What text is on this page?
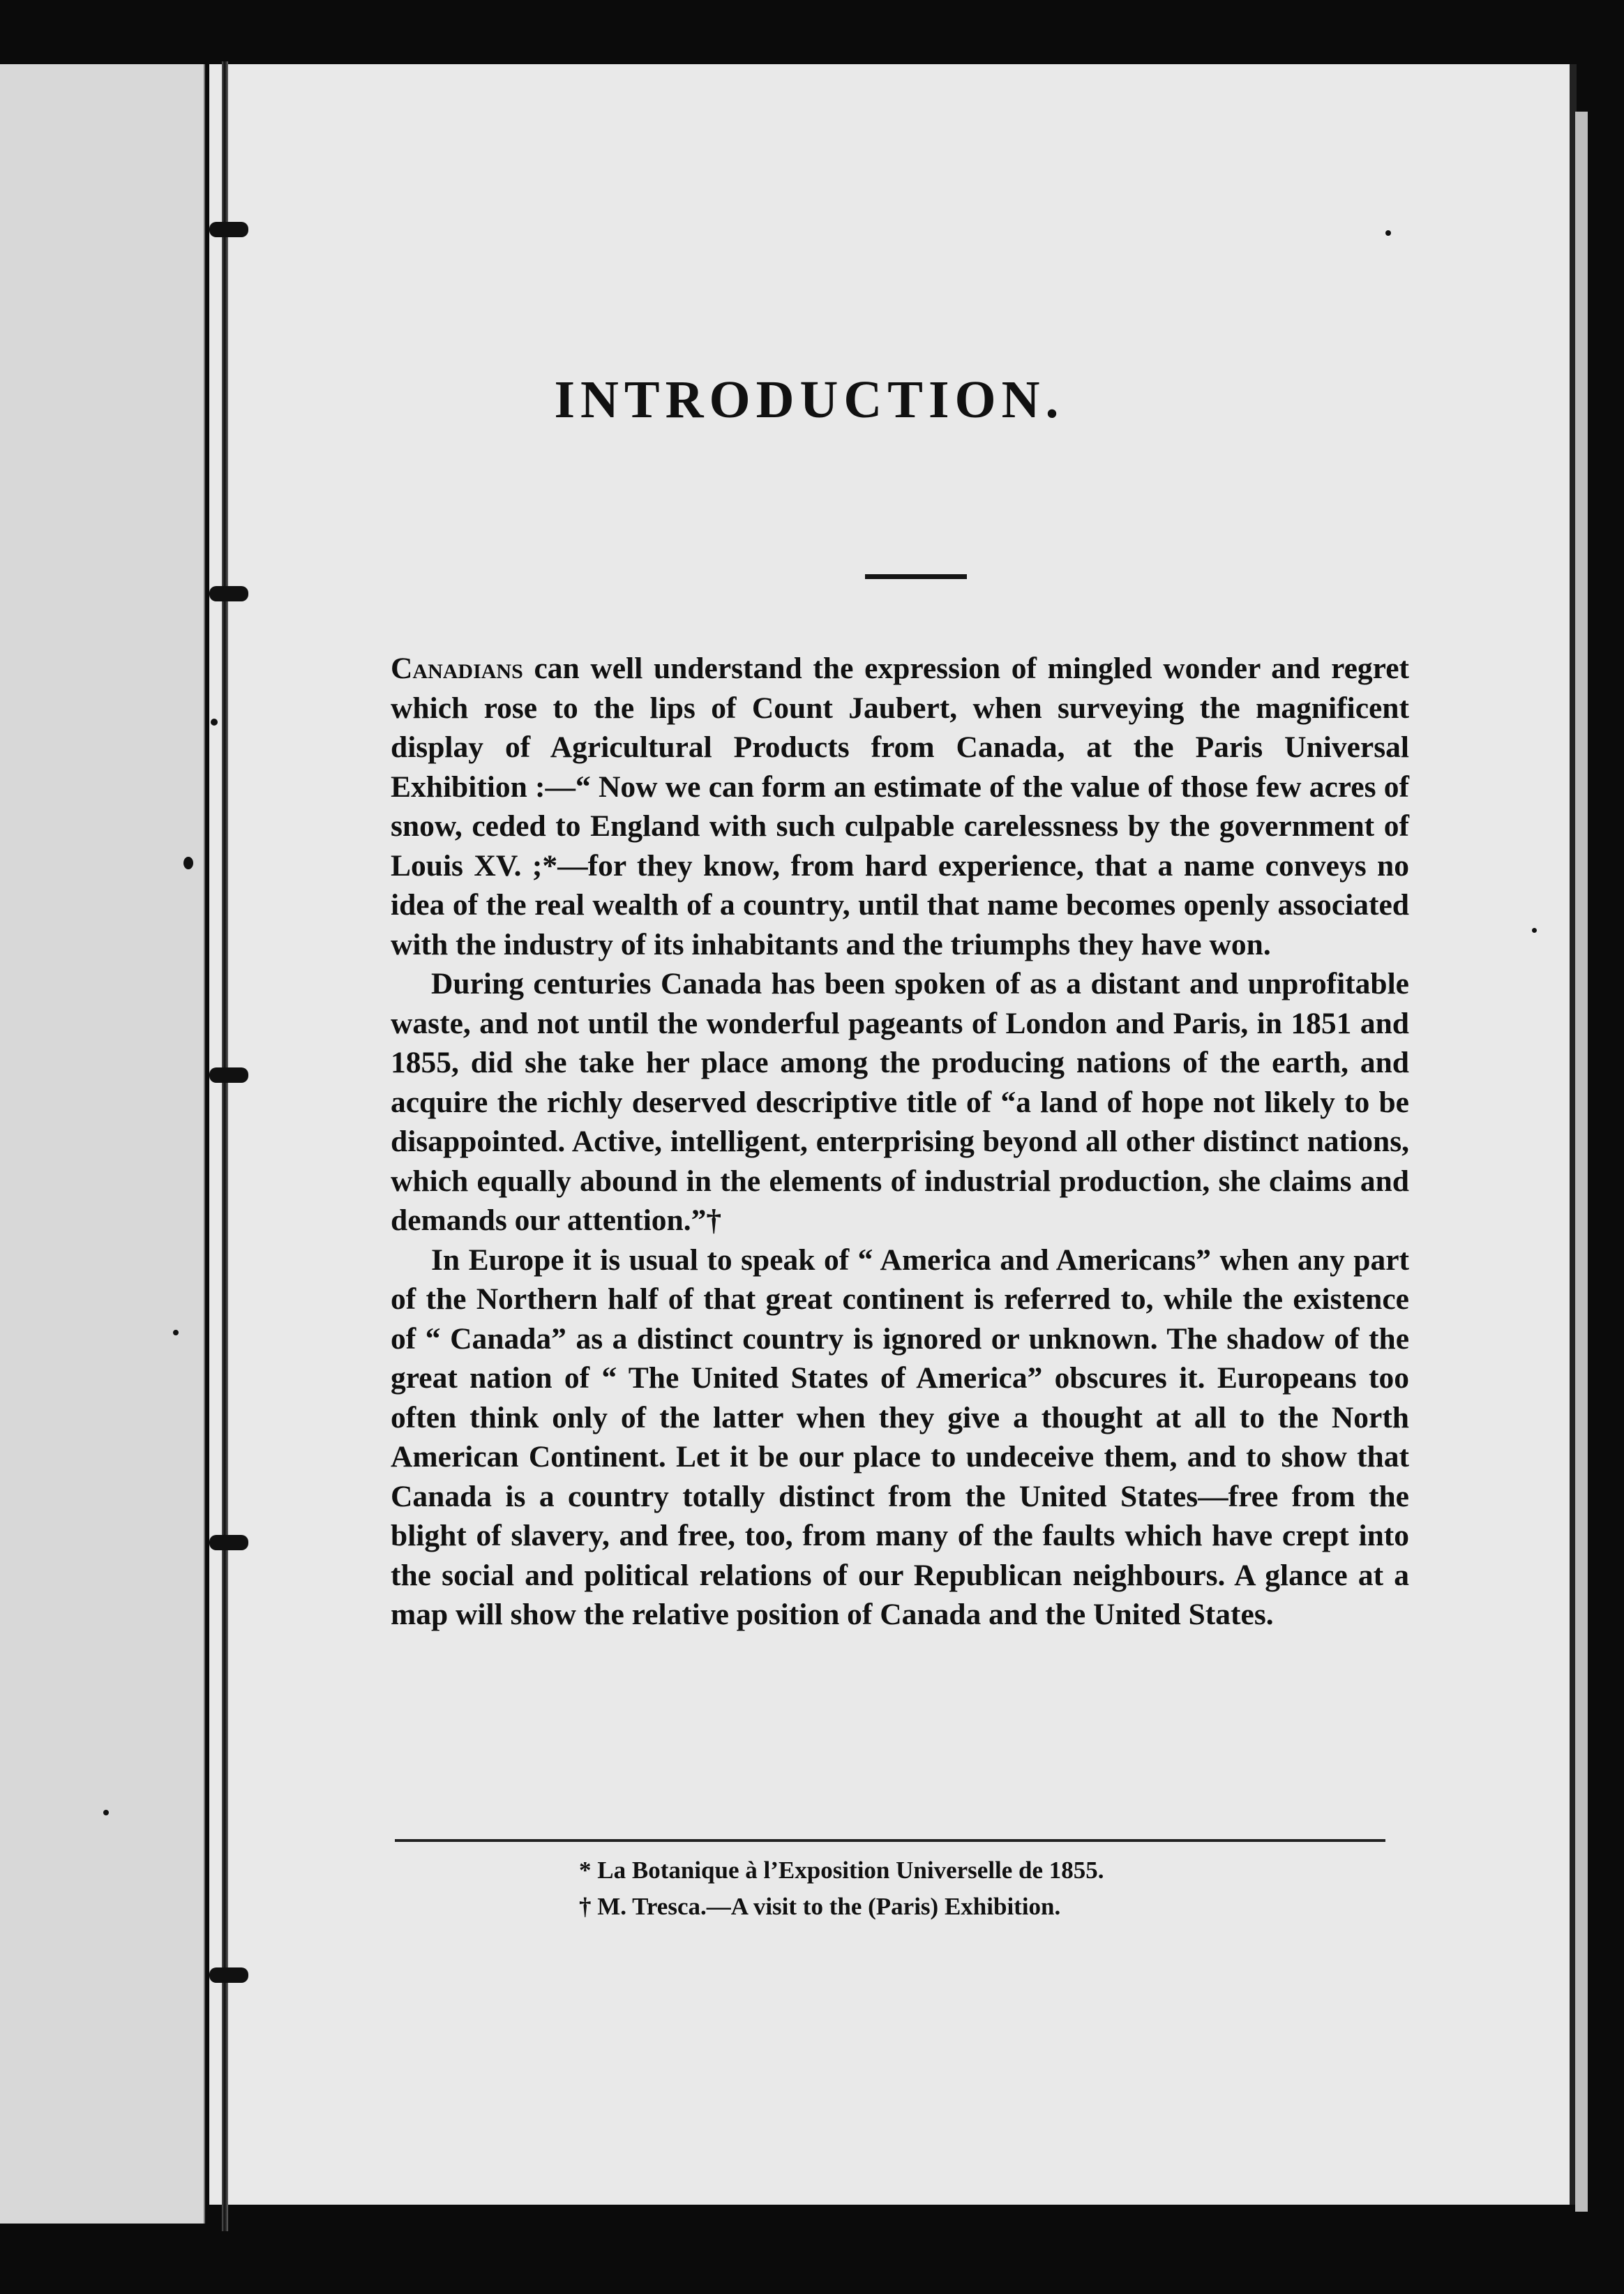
INTRODUCTION.

Canadians can well understand the expression of mingled wonder and regret which rose to the lips of Count Jaubert, when surveying the magnificent display of Agricultural Products from Canada, at the Paris Universal Exhibition :—“ Now we can form an estimate of the value of those few acres of snow, ceded to England with such culpable carelessness by the government of Louis XV. ;*—for they know, from hard experience, that a name conveys no idea of the real wealth of a country, until that name becomes openly associated with the industry of its inhabitants and the triumphs they have won.

During centuries Canada has been spoken of as a distant and unprofitable waste, and not until the wonderful pageants of London and Paris, in 1851 and 1855, did she take her place among the producing nations of the earth, and acquire the richly deserved descriptive title of “a land of hope not likely to be disappointed. Active, intelligent, enterprising beyond all other distinct nations, which equally abound in the elements of industrial production, she claims and demands our attention.”†

In Europe it is usual to speak of “ America and Americans” when any part of the Northern half of that great continent is referred to, while the existence of “ Canada” as a distinct country is ignored or unknown. The shadow of the great nation of “ The United States of America” obscures it. Europeans too often think only of the latter when they give a thought at all to the North American Continent. Let it be our place to undeceive them, and to show that Canada is a country totally distinct from the United States—free from the blight of slavery, and free, too, from many of the faults which have crept into the social and political relations of our Republican neighbours. A glance at a map will show the relative position of Canada and the United States.

* La Botanique à l’Exposition Universelle de 1855.
† M. Tresca.—A visit to the (Paris) Exhibition.
